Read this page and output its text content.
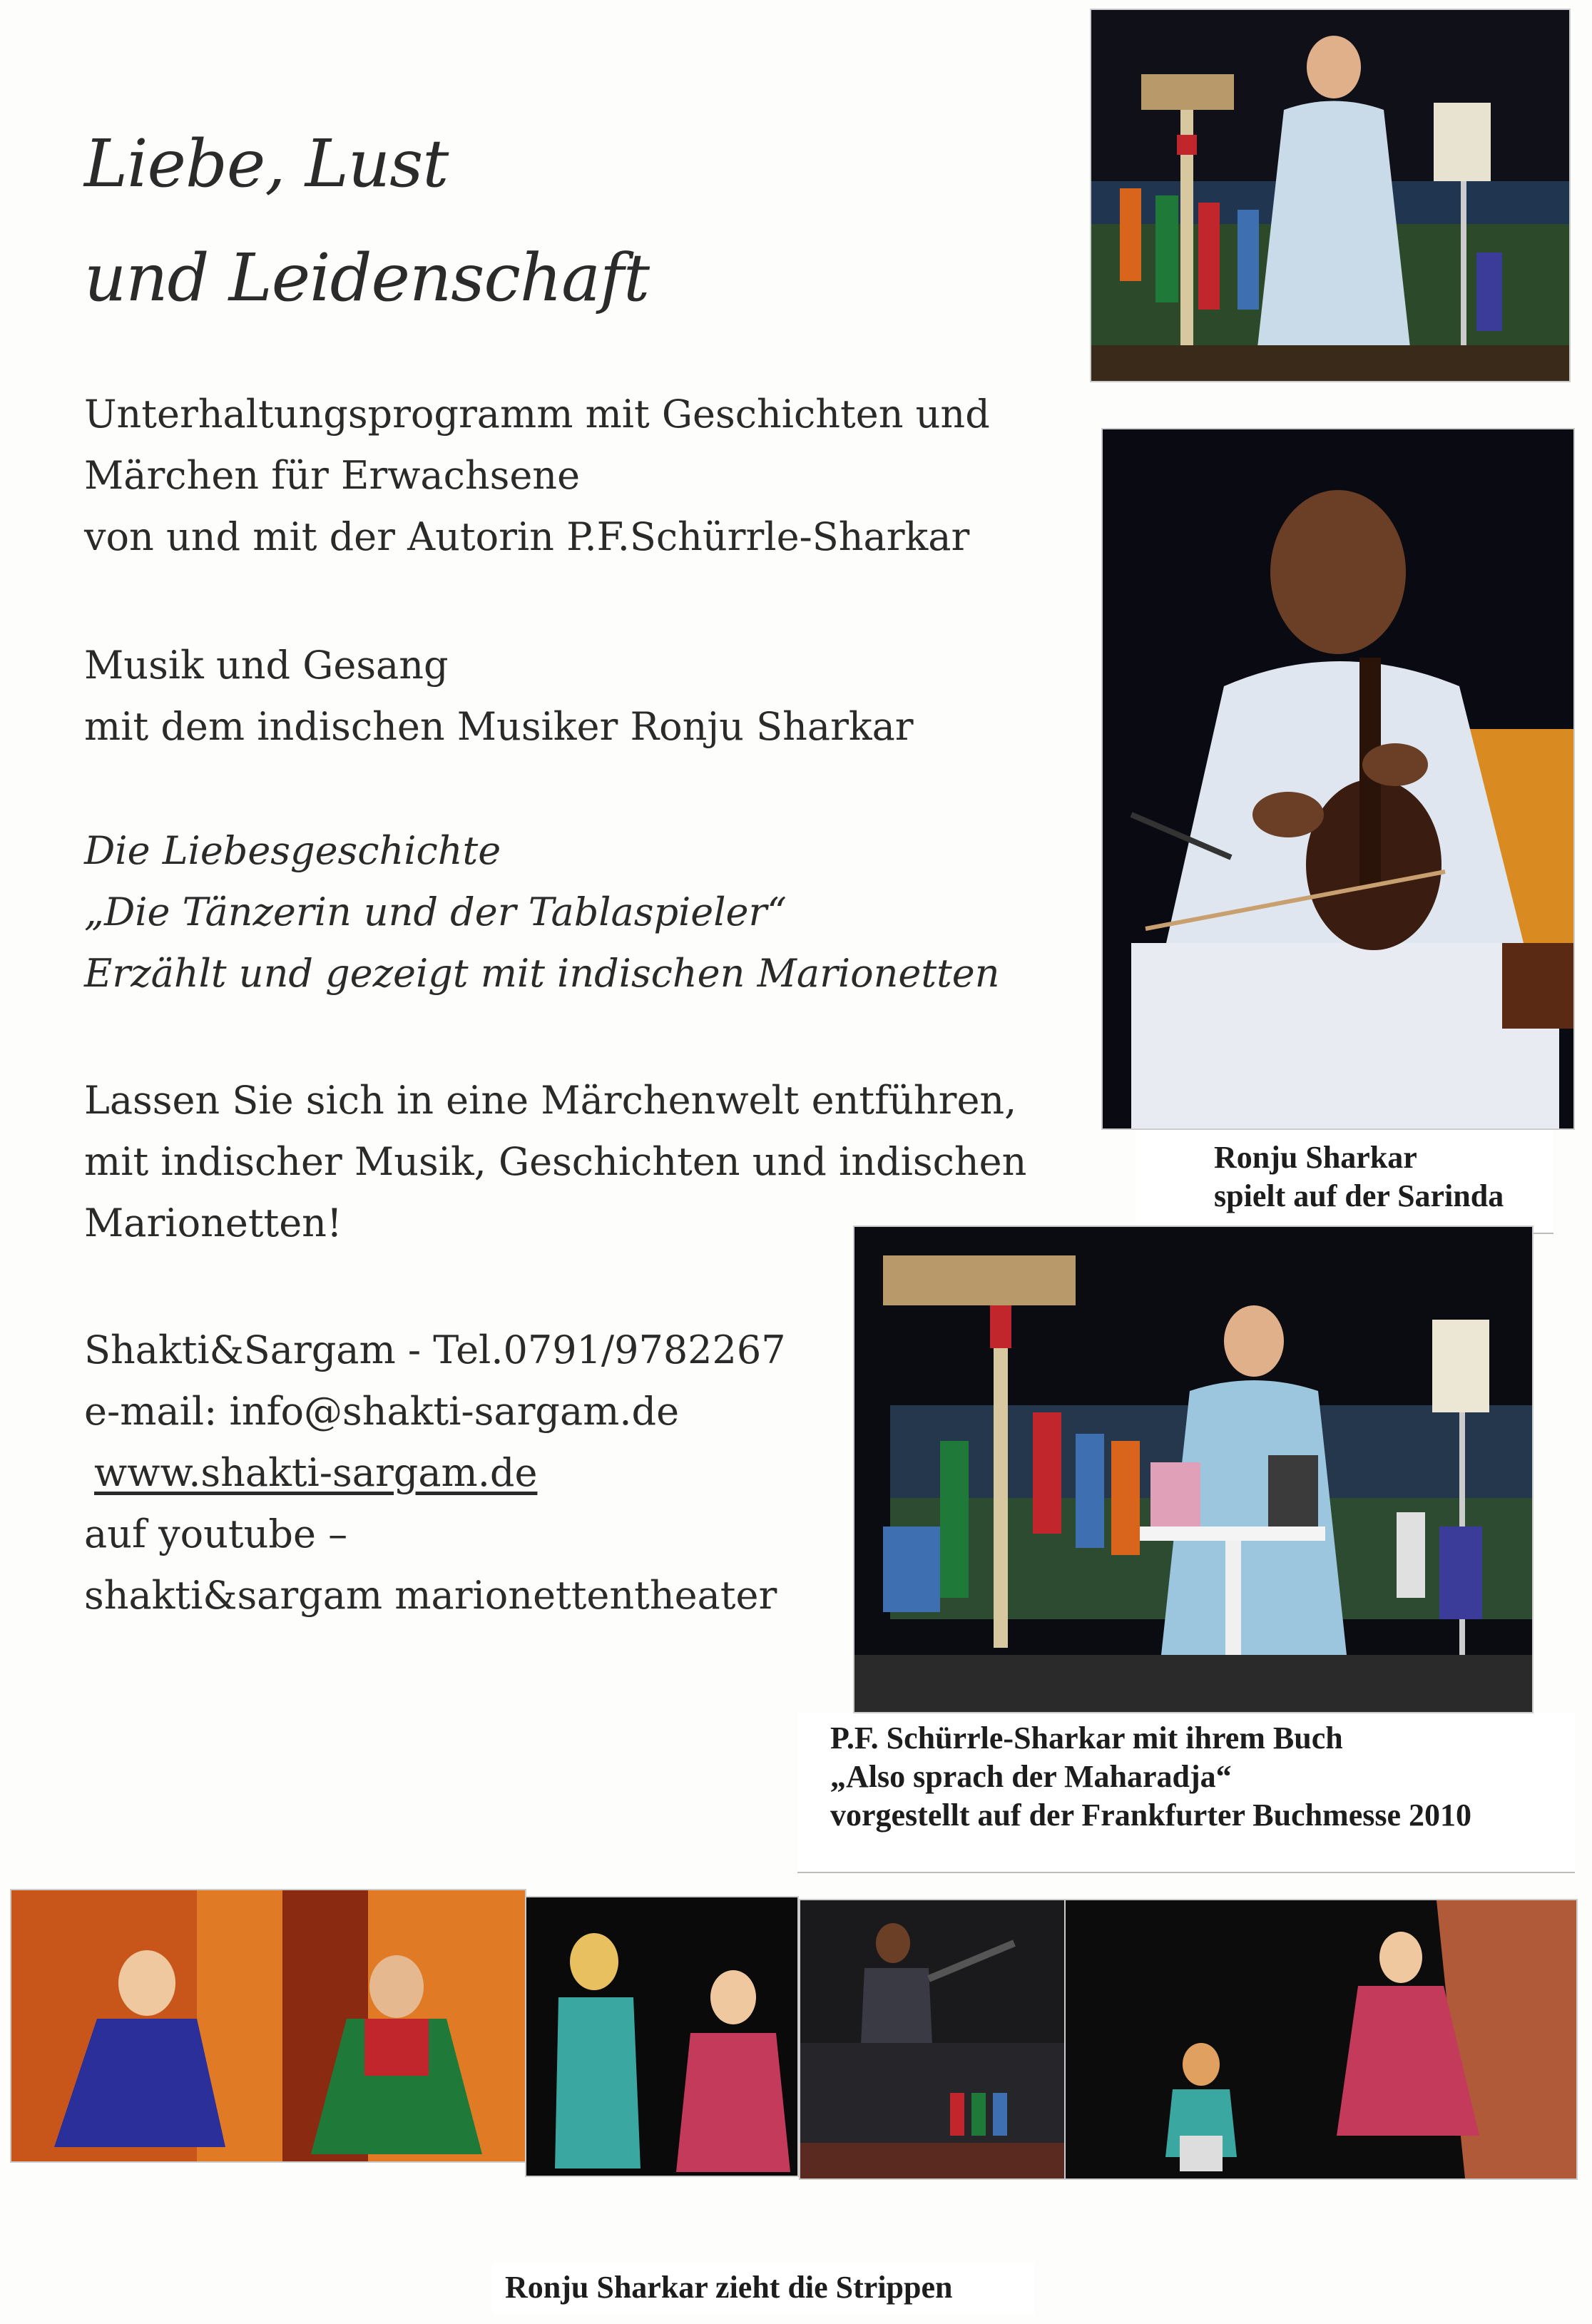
Liebe, Lust
und Leidenschaft
Unterhaltungsprogramm mit Geschichten und
Märchen für Erwachsene
von und mit der Autorin P.F.Schürrle-Sharkar
Musik und Gesang
mit dem indischen Musiker Ronju Sharkar
Die Liebesgeschichte
„Die Tänzerin und der Tablaspieler“
Erzählt und gezeigt mit indischen Marionetten
Lassen Sie sich in eine Märchenwelt entführen,
mit indischer Musik, Geschichten und indischen
Marionetten!
Shakti&Sargam - Tel.0791/9782267
e-mail: info@shakti-sargam.de
www.shakti-sargam.de
auf youtube –
shakti&sargam marionettentheater
Ronju Sharkar
spielt auf der Sarinda
P.F. Schürrle-Sharkar mit ihrem Buch
„Also sprach der Maharadja“
vorgestellt auf der Frankfurter Buchmesse 2010
Ronju Sharkar zieht die Strippen
